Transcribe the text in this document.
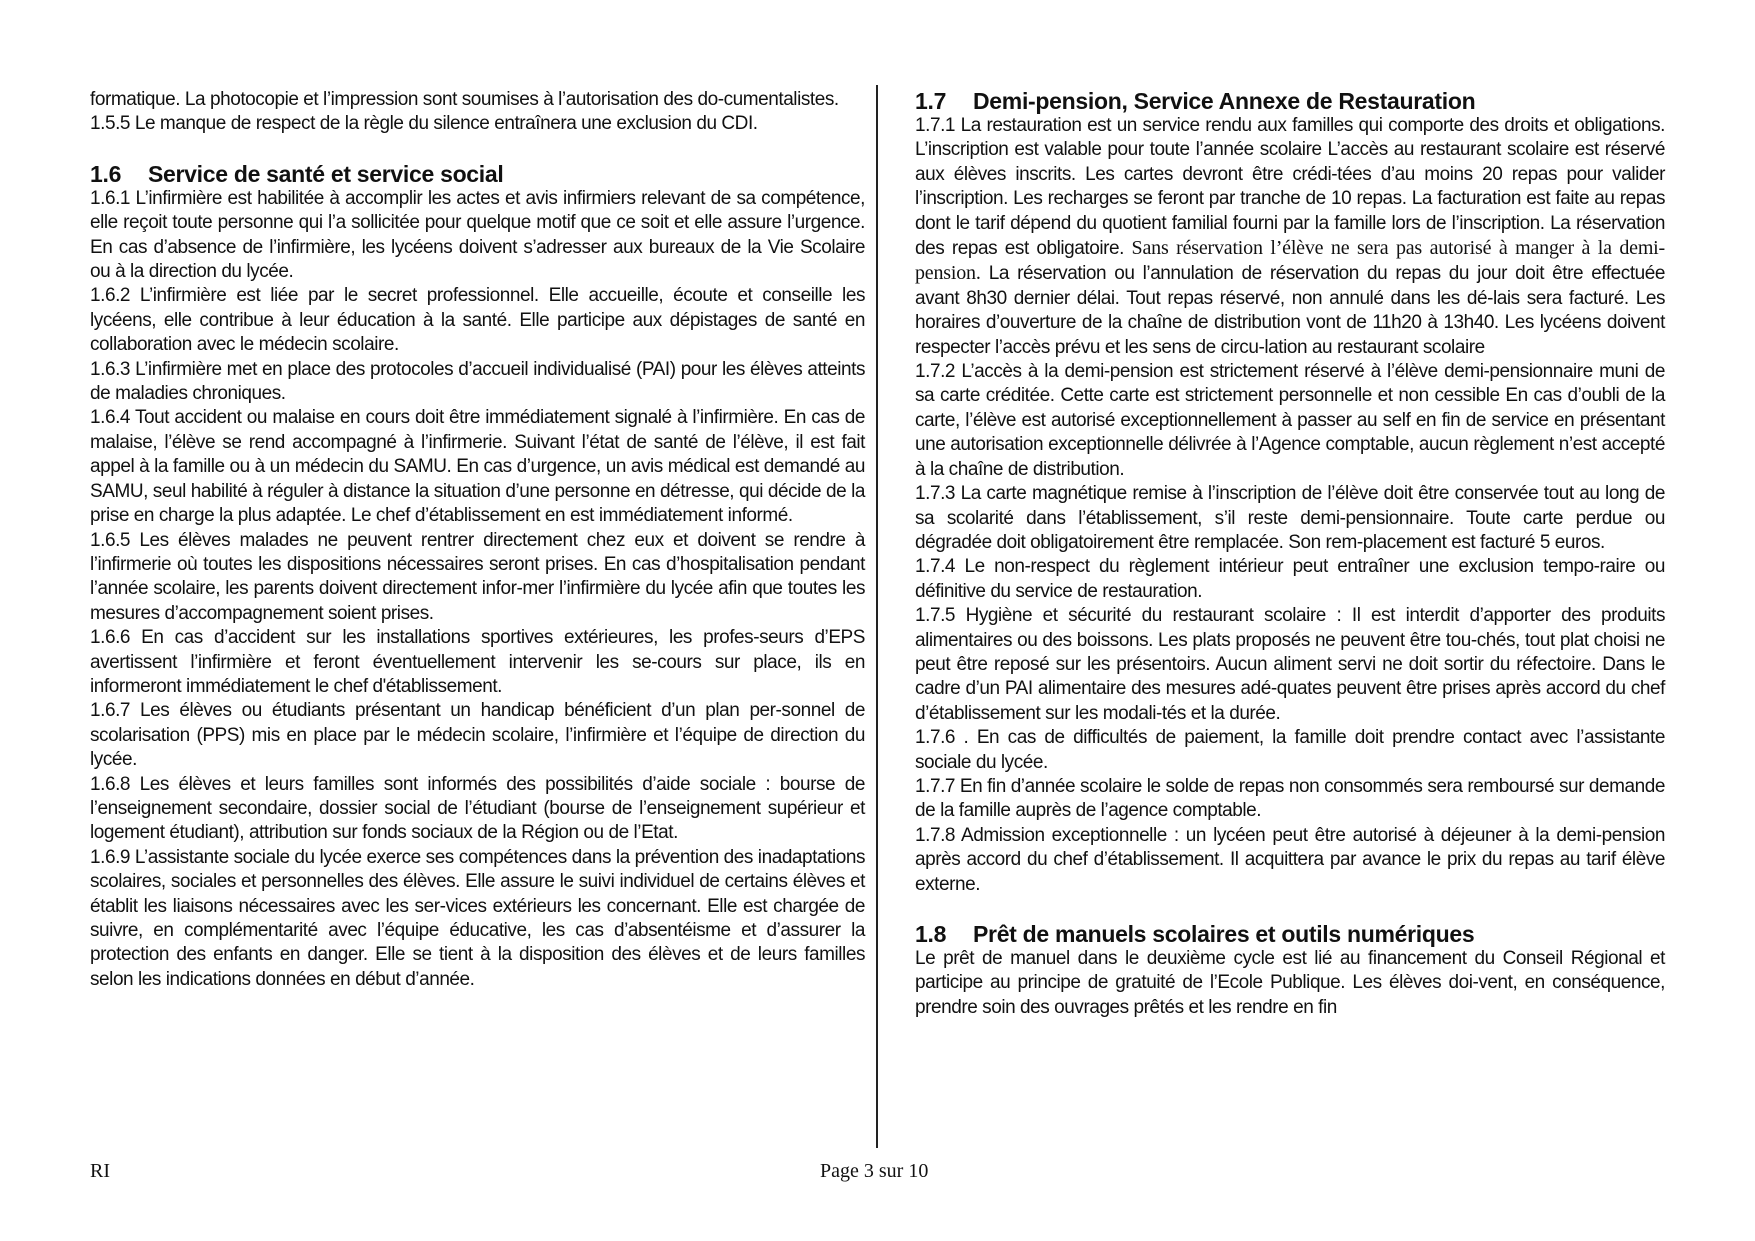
formatique. La photocopie et l’impression sont soumises à l’autorisation des do-cumentalistes.

1.5.5 Le manque de respect de la règle du silence entraînera une exclusion du CDI.

1.6 Service de santé et service social

1.6.1 L’infirmière est habilitée à accomplir les actes et avis infirmiers relevant de sa compétence, elle reçoit toute personne qui l’a sollicitée pour quelque motif que ce soit et elle assure l’urgence. En cas d’absence de l’infirmière, les lycéens doivent s’adresser aux bureaux de la Vie Scolaire ou à la direction du lycée.

1.6.2 L’infirmière est liée par le secret professionnel. Elle accueille, écoute et conseille les lycéens, elle contribue à leur éducation à la santé. Elle participe aux dépistages de santé en collaboration avec le médecin scolaire.

1.6.3 L’infirmière met en place des protocoles d’accueil individualisé (PAI) pour les élèves atteints de maladies chroniques.

1.6.4 Tout accident ou malaise en cours doit être immédiatement signalé à l’infirmière. En cas de malaise, l’élève se rend accompagné à l’infirmerie. Suivant l’état de santé de l’élève, il est fait appel à la famille ou à un médecin du SAMU. En cas d’urgence, un avis médical est demandé au SAMU, seul habilité à réguler à distance la situation d’une personne en détresse, qui décide de la prise en charge la plus adaptée. Le chef d’établissement en est immédiatement informé.

1.6.5 Les élèves malades ne peuvent rentrer directement chez eux et doivent se rendre à l’infirmerie où toutes les dispositions nécessaires seront prises. En cas d’hospitalisation pendant l’année scolaire, les parents doivent directement infor-mer l’infirmière du lycée afin que toutes les mesures d’accompagnement soient prises.

1.6.6 En cas d’accident sur les installations sportives extérieures, les profes-seurs d’EPS avertissent l’infirmière et feront éventuellement intervenir les se-cours sur place, ils en informeront immédiatement le chef d'établissement.

1.6.7 Les élèves ou étudiants présentant un handicap bénéficient d’un plan per-sonnel de scolarisation (PPS) mis en place par le médecin scolaire, l’infirmière et l’équipe de direction du lycée.

1.6.8 Les élèves et leurs familles sont informés des possibilités d’aide sociale : bourse de l’enseignement secondaire, dossier social de l’étudiant (bourse de l’enseignement supérieur et logement étudiant), attribution sur fonds sociaux de la Région ou de l’Etat.

1.6.9 L’assistante sociale du lycée exerce ses compétences dans la prévention des inadaptations scolaires, sociales et personnelles des élèves. Elle assure le suivi individuel de certains élèves et établit les liaisons nécessaires avec les ser-vices extérieurs les concernant. Elle est chargée de suivre, en complémentarité avec l’équipe éducative, les cas d’absentéisme et d’assurer la protection des enfants en danger. Elle se tient à la disposition des élèves et de leurs familles selon les indications données en début d’année.

1.7 Demi-pension, Service Annexe de Restauration

1.7.1 La restauration est un service rendu aux familles qui comporte des droits et obligations. L’inscription est valable pour toute l’année scolaire L’accès au restaurant scolaire est réservé aux élèves inscrits. Les cartes devront être crédi-tées d’au moins 20 repas pour valider l’inscription. Les recharges se feront par tranche de 10 repas. La facturation est faite au repas dont le tarif dépend du quotient familial fourni par la famille lors de l’inscription. La réservation des repas est obligatoire. Sans réservation l’élève ne sera pas autorisé à manger à la demi-pension. La réservation ou l’annulation de réservation du repas du jour doit être effectuée avant 8h30 dernier délai. Tout repas réservé, non annulé dans les dé-lais sera facturé. Les horaires d’ouverture de la chaîne de distribution vont de 11h20 à 13h40. Les lycéens doivent respecter l’accès prévu et les sens de circu-lation au restaurant scolaire

1.7.2 L’accès à la demi-pension est strictement réservé à l’élève demi-pensionnaire muni de sa carte créditée. Cette carte est strictement personnelle et non cessible En cas d’oubli de la carte, l’élève est autorisé exceptionnellement à passer au self en fin de service en présentant une autorisation exceptionnelle délivrée à l’Agence comptable, aucun règlement n’est accepté à la chaîne de distribution.

1.7.3 La carte magnétique remise à l’inscription de l’élève doit être conservée tout au long de sa scolarité dans l’établissement, s’il reste demi-pensionnaire. Toute carte perdue ou dégradée doit obligatoirement être remplacée. Son rem-placement est facturé 5 euros.

1.7.4 Le non-respect du règlement intérieur peut entraîner une exclusion tempo-raire ou définitive du service de restauration.

1.7.5 Hygiène et sécurité du restaurant scolaire : Il est interdit d’apporter des produits alimentaires ou des boissons. Les plats proposés ne peuvent être tou-chés, tout plat choisi ne peut être reposé sur les présentoirs. Aucun aliment servi ne doit sortir du réfectoire. Dans le cadre d’un PAI alimentaire des mesures adé-quates peuvent être prises après accord du chef d’établissement sur les modali-tés et la durée.

1.7.6 . En cas de difficultés de paiement, la famille doit prendre contact avec l’assistante sociale du lycée.

1.7.7 En fin d’année scolaire le solde de repas non consommés sera remboursé sur demande de la famille auprès de l’agence comptable.

1.7.8 Admission exceptionnelle : un lycéen peut être autorisé à déjeuner à la demi-pension après accord du chef d’établissement. Il acquittera par avance le prix du repas au tarif élève externe.

1.8 Prêt de manuels scolaires et outils numériques

Le prêt de manuel dans le deuxième cycle est lié au financement du Conseil Régional et participe au principe de gratuité de l’Ecole Publique. Les élèves doi-vent, en conséquence, prendre soin des ouvrages prêtés et les rendre en fin

RI	Page 3 sur 10
